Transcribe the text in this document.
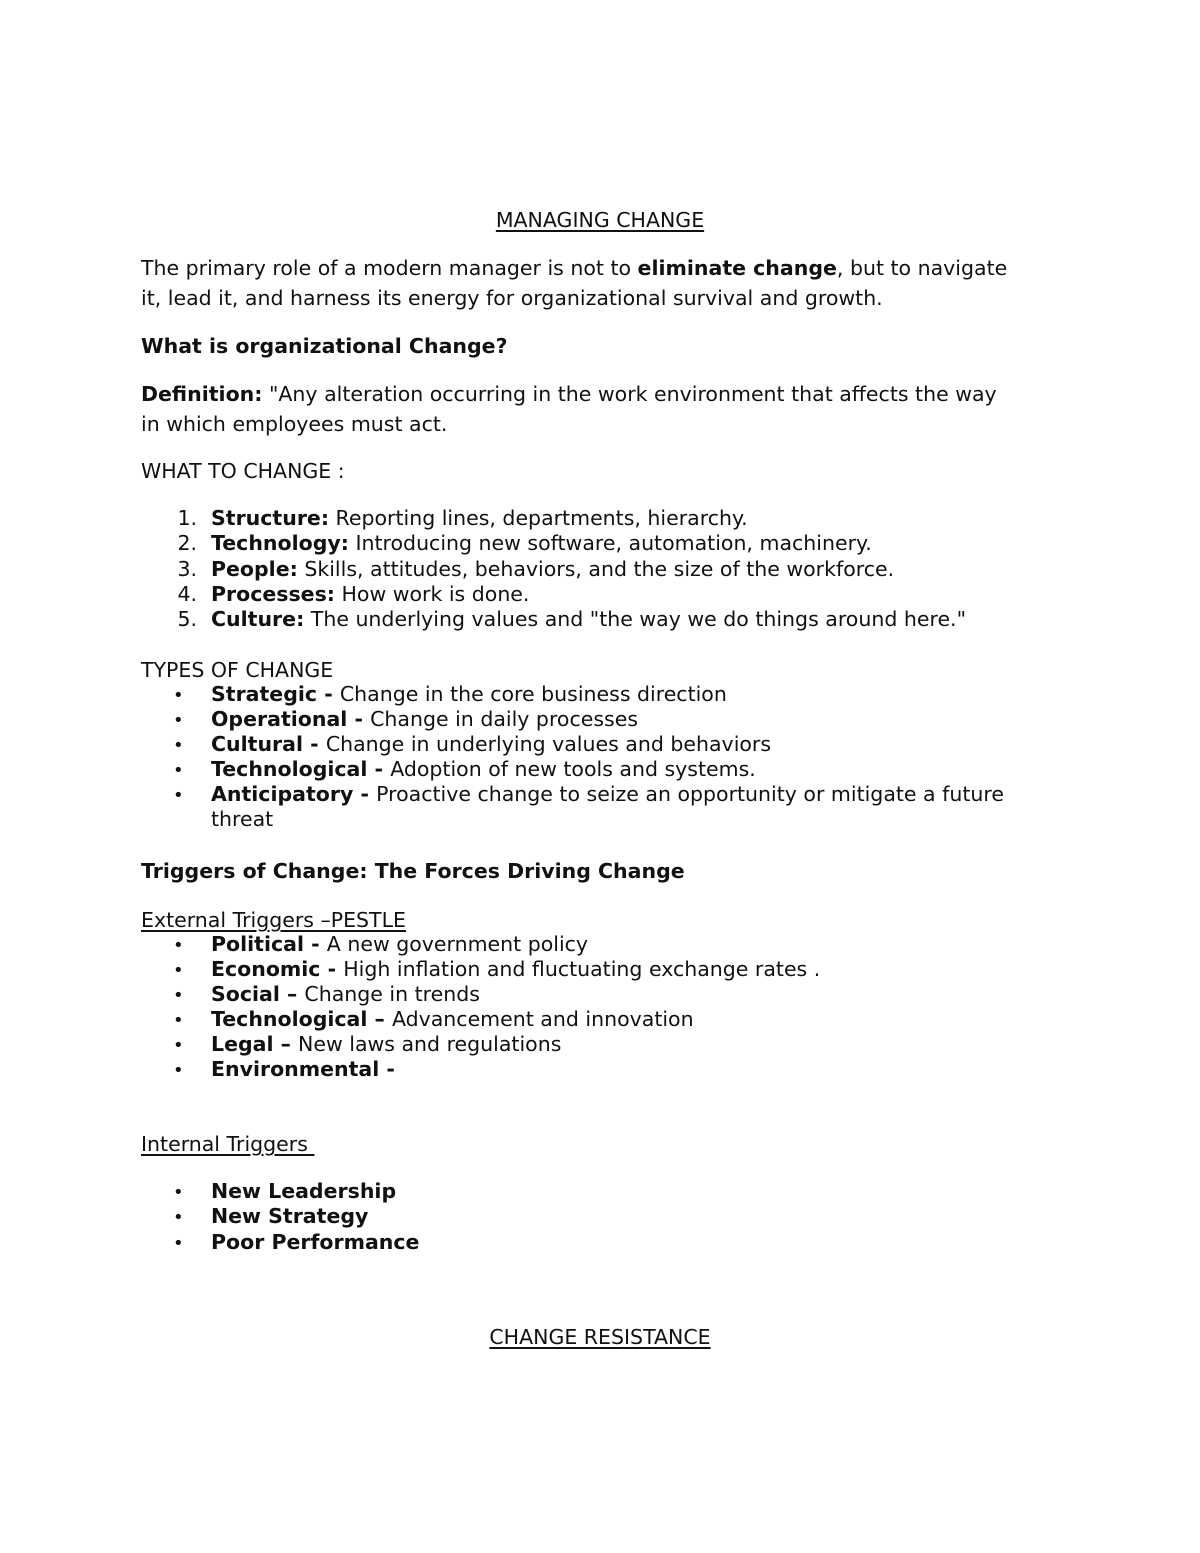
MANAGING CHANGE
The primary role of a modern manager is not to eliminate change, but to navigate
it, lead it, and harness its energy for organizational survival and growth.
What is organizational Change?
Definition: "Any alteration occurring in the work environment that affects the way
in which employees must act.
WHAT TO CHANGE :
1. Structure: Reporting lines, departments, hierarchy.
2. Technology: Introducing new software, automation, machinery.
3. People: Skills, attitudes, behaviors, and the size of the workforce.
4. Processes: How work is done.
5. Culture: The underlying values and "the way we do things around here."
TYPES OF CHANGE
• Strategic - Change in the core business direction
• Operational - Change in daily processes
• Cultural - Change in underlying values and behaviors
• Technological - Adoption of new tools and systems.
• Anticipatory - Proactive change to seize an opportunity or mitigate a future
threat
Triggers of Change: The Forces Driving Change
External Triggers –PESTLE
• Political - A new government policy
• Economic - High inflation and fluctuating exchange rates .
• Social – Change in trends
• Technological – Advancement and innovation
• Legal – New laws and regulations
• Environmental -
Internal Triggers
• New Leadership
• New Strategy
• Poor Performance
CHANGE RESISTANCE
